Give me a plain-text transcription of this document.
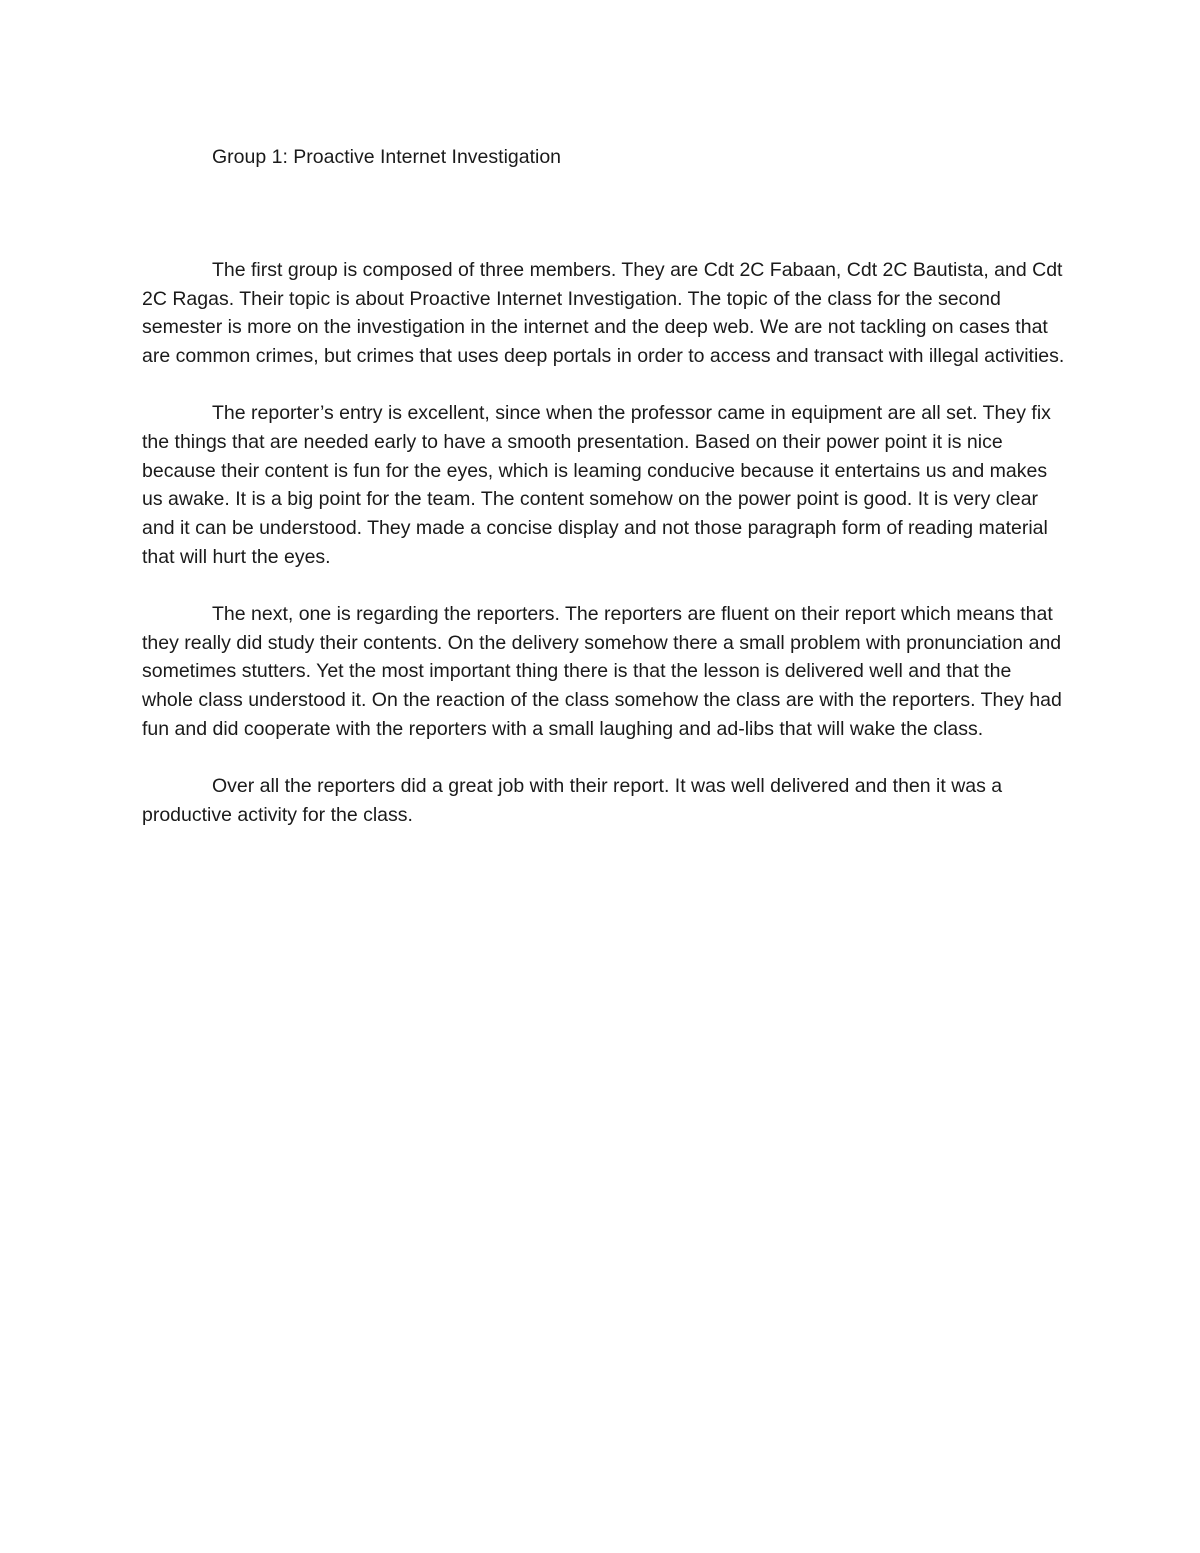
Group 1: Proactive Internet Investigation

The first group is composed of three members. They are Cdt 2C Fabaan, Cdt 2C Bautista, and Cdt 2C Ragas. Their topic is about Proactive Internet Investigation. The topic of the class for the second semester is more on the investigation in the internet and the deep web. We are not tackling on cases that are common crimes, but crimes that uses deep portals in order to access and transact with illegal activities.

The reporter’s entry is excellent, since when the professor came in equipment are all set. They fix the things that are needed early to have a smooth presentation. Based on their power point it is nice because their content is fun for the eyes, which is leaming conducive because it entertains us and makes us awake. It is a big point for the team. The content somehow on the power point is good. It is very clear and it can be understood. They made a concise display and not those paragraph form of reading material that will hurt the eyes.

The next, one is regarding the reporters. The reporters are fluent on their report which means that they really did study their contents. On the delivery somehow there a small problem with pronunciation and sometimes stutters. Yet the most important thing there is that the lesson is delivered well and that the whole class understood it. On the reaction of the class somehow the class are with the reporters. They had fun and did cooperate with the reporters with a small laughing and ad-libs that will wake the class.

Over all the reporters did a great job with their report. It was well delivered and then it was a productive activity for the class.
